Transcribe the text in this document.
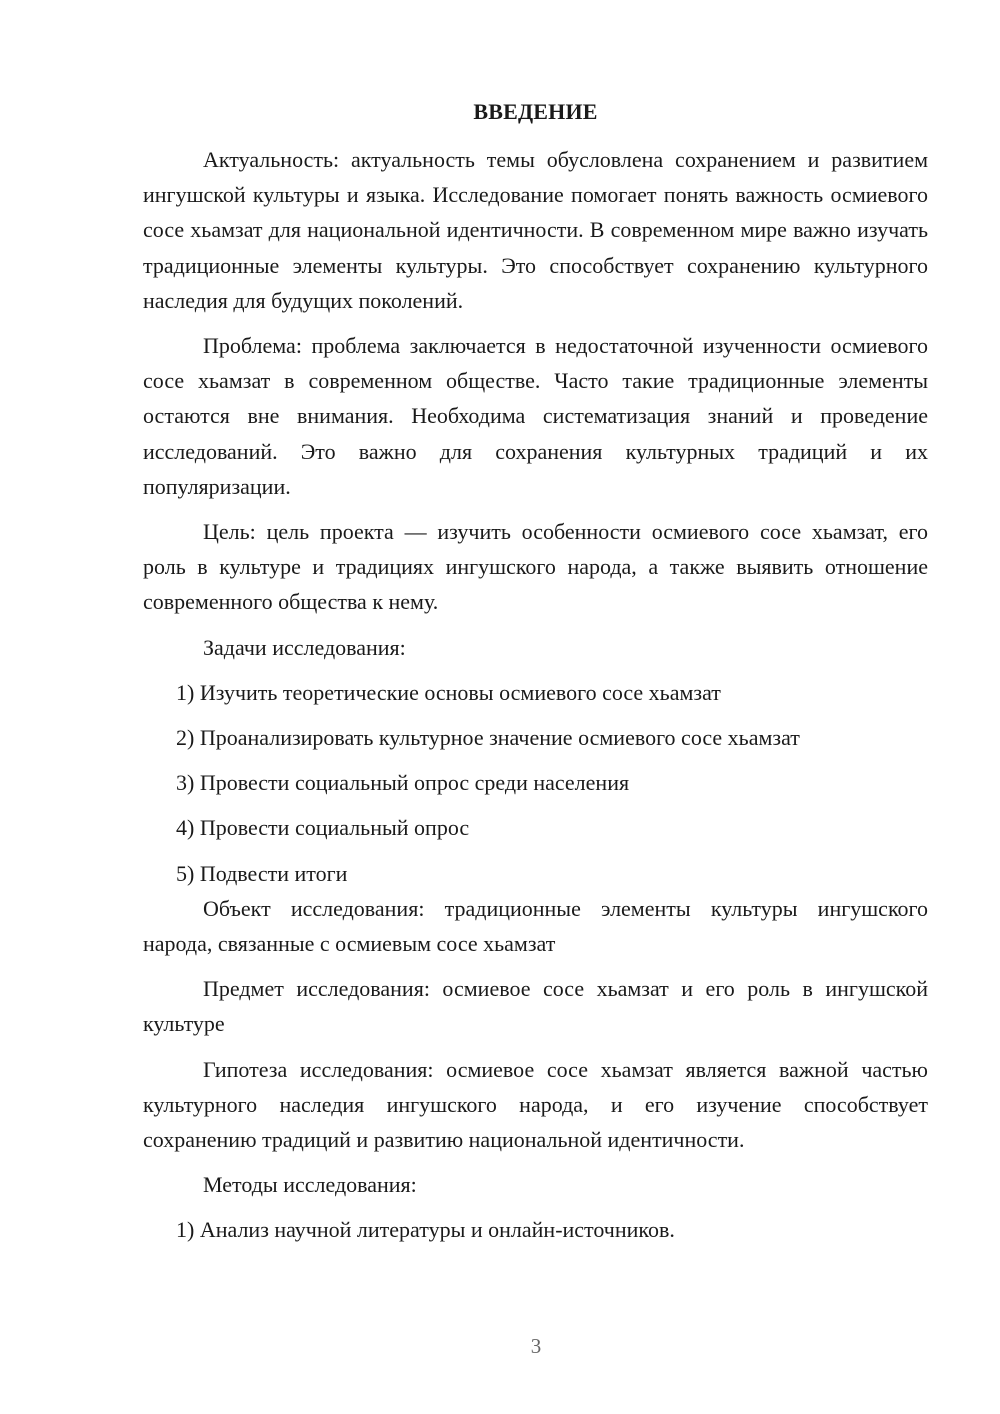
ВВЕДЕНИЕ

Актуальность: актуальность темы обусловлена сохранением и развитием ингушской культуры и языка. Исследование помогает понять важность осмиевого сосе хьамзат для национальной идентичности. В современном мире важно изучать традиционные элементы культуры. Это способствует сохранению культурного наследия для будущих поколений.

Проблема: проблема заключается в недостаточной изученности осмиевого сосе хьамзат в современном обществе. Часто такие традиционные элементы остаются вне внимания. Необходима систематизация знаний и проведение исследований. Это важно для сохранения культурных традиций и их популяризации.

Цель: цель проекта — изучить особенности осмиевого сосе хьамзат, его роль в культуре и традициях ингушского народа, а также выявить отношение современного общества к нему.

Задачи исследования:

1) Изучить теоретические основы осмиевого сосе хьамзат

2) Проанализировать культурное значение осмиевого сосе хьамзат

3) Провести социальный опрос среди населения

4) Провести социальный опрос

5) Подвести итоги

Объект исследования: традиционные элементы культуры ингушского народа, связанные с осмиевым сосе хьамзат

Предмет исследования: осмиевое сосе хьамзат и его роль в ингушской культуре

Гипотеза исследования: осмиевое сосе хьамзат является важной частью культурного наследия ингушского народа, и его изучение способствует сохранению традиций и развитию национальной идентичности.

Методы исследования:

1) Анализ научной литературы и онлайн-источников.

3
